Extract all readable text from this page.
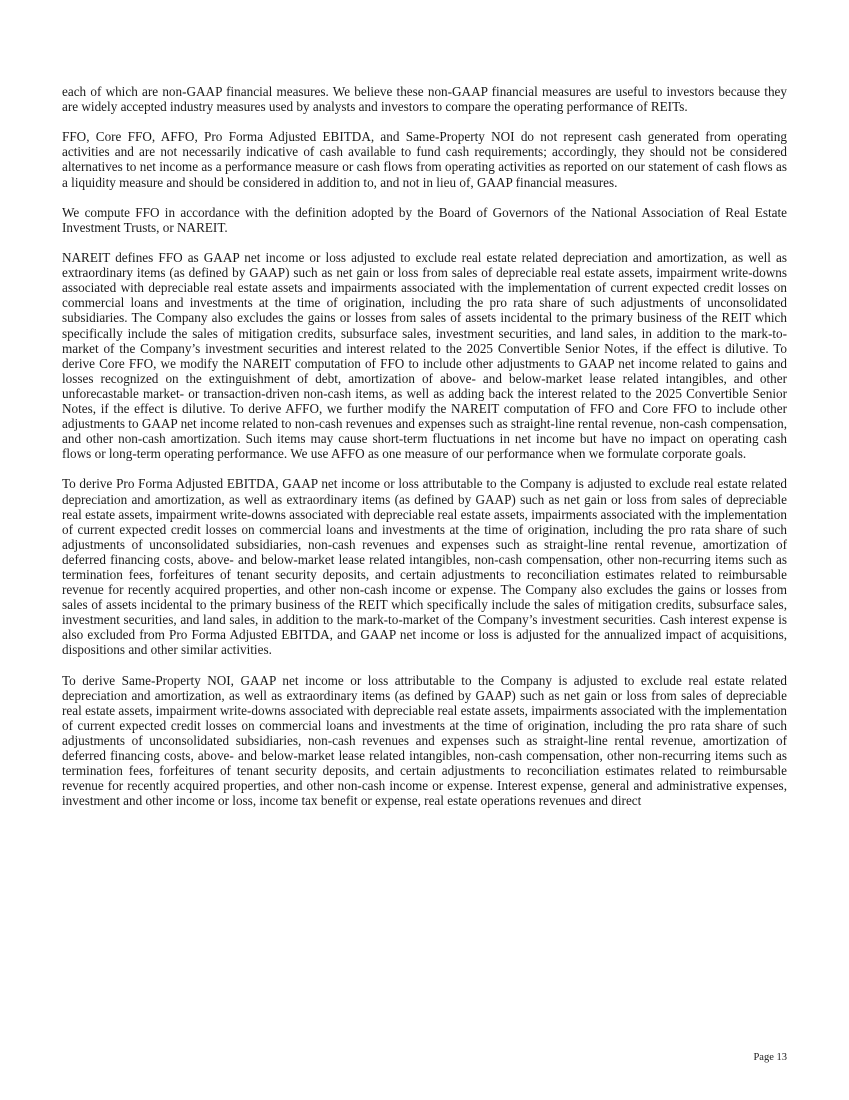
each of which are non-GAAP financial measures. We believe these non-GAAP financial measures are useful to investors because they are widely accepted industry measures used by analysts and investors to compare the operating performance of REITs.

FFO, Core FFO, AFFO, Pro Forma Adjusted EBITDA, and Same-Property NOI do not represent cash generated from operating activities and are not necessarily indicative of cash available to fund cash requirements; accordingly, they should not be considered alternatives to net income as a performance measure or cash flows from operating activities as reported on our statement of cash flows as a liquidity measure and should be considered in addition to, and not in lieu of, GAAP financial measures.

We compute FFO in accordance with the definition adopted by the Board of Governors of the National Association of Real Estate Investment Trusts, or NAREIT.

NAREIT defines FFO as GAAP net income or loss adjusted to exclude real estate related depreciation and amortization, as well as extraordinary items (as defined by GAAP) such as net gain or loss from sales of depreciable real estate assets, impairment write-downs associated with depreciable real estate assets and impairments associated with the implementation of current expected credit losses on commercial loans and investments at the time of origination, including the pro rata share of such adjustments of unconsolidated subsidiaries. The Company also excludes the gains or losses from sales of assets incidental to the primary business of the REIT which specifically include the sales of mitigation credits, subsurface sales, investment securities, and land sales, in addition to the mark-to-market of the Company’s investment securities and interest related to the 2025 Convertible Senior Notes, if the effect is dilutive. To derive Core FFO, we modify the NAREIT computation of FFO to include other adjustments to GAAP net income related to gains and losses recognized on the extinguishment of debt, amortization of above- and below-market lease related intangibles, and other unforecastable market- or transaction-driven non-cash items, as well as adding back the interest related to the 2025 Convertible Senior Notes, if the effect is dilutive. To derive AFFO, we further modify the NAREIT computation of FFO and Core FFO to include other adjustments to GAAP net income related to non-cash revenues and expenses such as straight-line rental revenue, non-cash compensation, and other non-cash amortization. Such items may cause short-term fluctuations in net income but have no impact on operating cash flows or long-term operating performance. We use AFFO as one measure of our performance when we formulate corporate goals.

To derive Pro Forma Adjusted EBITDA, GAAP net income or loss attributable to the Company is adjusted to exclude real estate related depreciation and amortization, as well as extraordinary items (as defined by GAAP) such as net gain or loss from sales of depreciable real estate assets, impairment write-downs associated with depreciable real estate assets, impairments associated with the implementation of current expected credit losses on commercial loans and investments at the time of origination, including the pro rata share of such adjustments of unconsolidated subsidiaries, non-cash revenues and expenses such as straight-line rental revenue, amortization of deferred financing costs, above- and below-market lease related intangibles, non-cash compensation, other non-recurring items such as termination fees, forfeitures of tenant security deposits, and certain adjustments to reconciliation estimates related to reimbursable revenue for recently acquired properties, and other non-cash income or expense. The Company also excludes the gains or losses from sales of assets incidental to the primary business of the REIT which specifically include the sales of mitigation credits, subsurface sales, investment securities, and land sales, in addition to the mark-to-market of the Company’s investment securities. Cash interest expense is also excluded from Pro Forma Adjusted EBITDA, and GAAP net income or loss is adjusted for the annualized impact of acquisitions, dispositions and other similar activities.

To derive Same-Property NOI, GAAP net income or loss attributable to the Company is adjusted to exclude real estate related depreciation and amortization, as well as extraordinary items (as defined by GAAP) such as net gain or loss from sales of depreciable real estate assets, impairment write-downs associated with depreciable real estate assets, impairments associated with the implementation of current expected credit losses on commercial loans and investments at the time of origination, including the pro rata share of such adjustments of unconsolidated subsidiaries, non-cash revenues and expenses such as straight-line rental revenue, amortization of deferred financing costs, above- and below-market lease related intangibles, non-cash compensation, other non-recurring items such as termination fees, forfeitures of tenant security deposits, and certain adjustments to reconciliation estimates related to reimbursable revenue for recently acquired properties, and other non-cash income or expense. Interest expense, general and administrative expenses, investment and other income or loss, income tax benefit or expense, real estate operations revenues and direct

Page 13
